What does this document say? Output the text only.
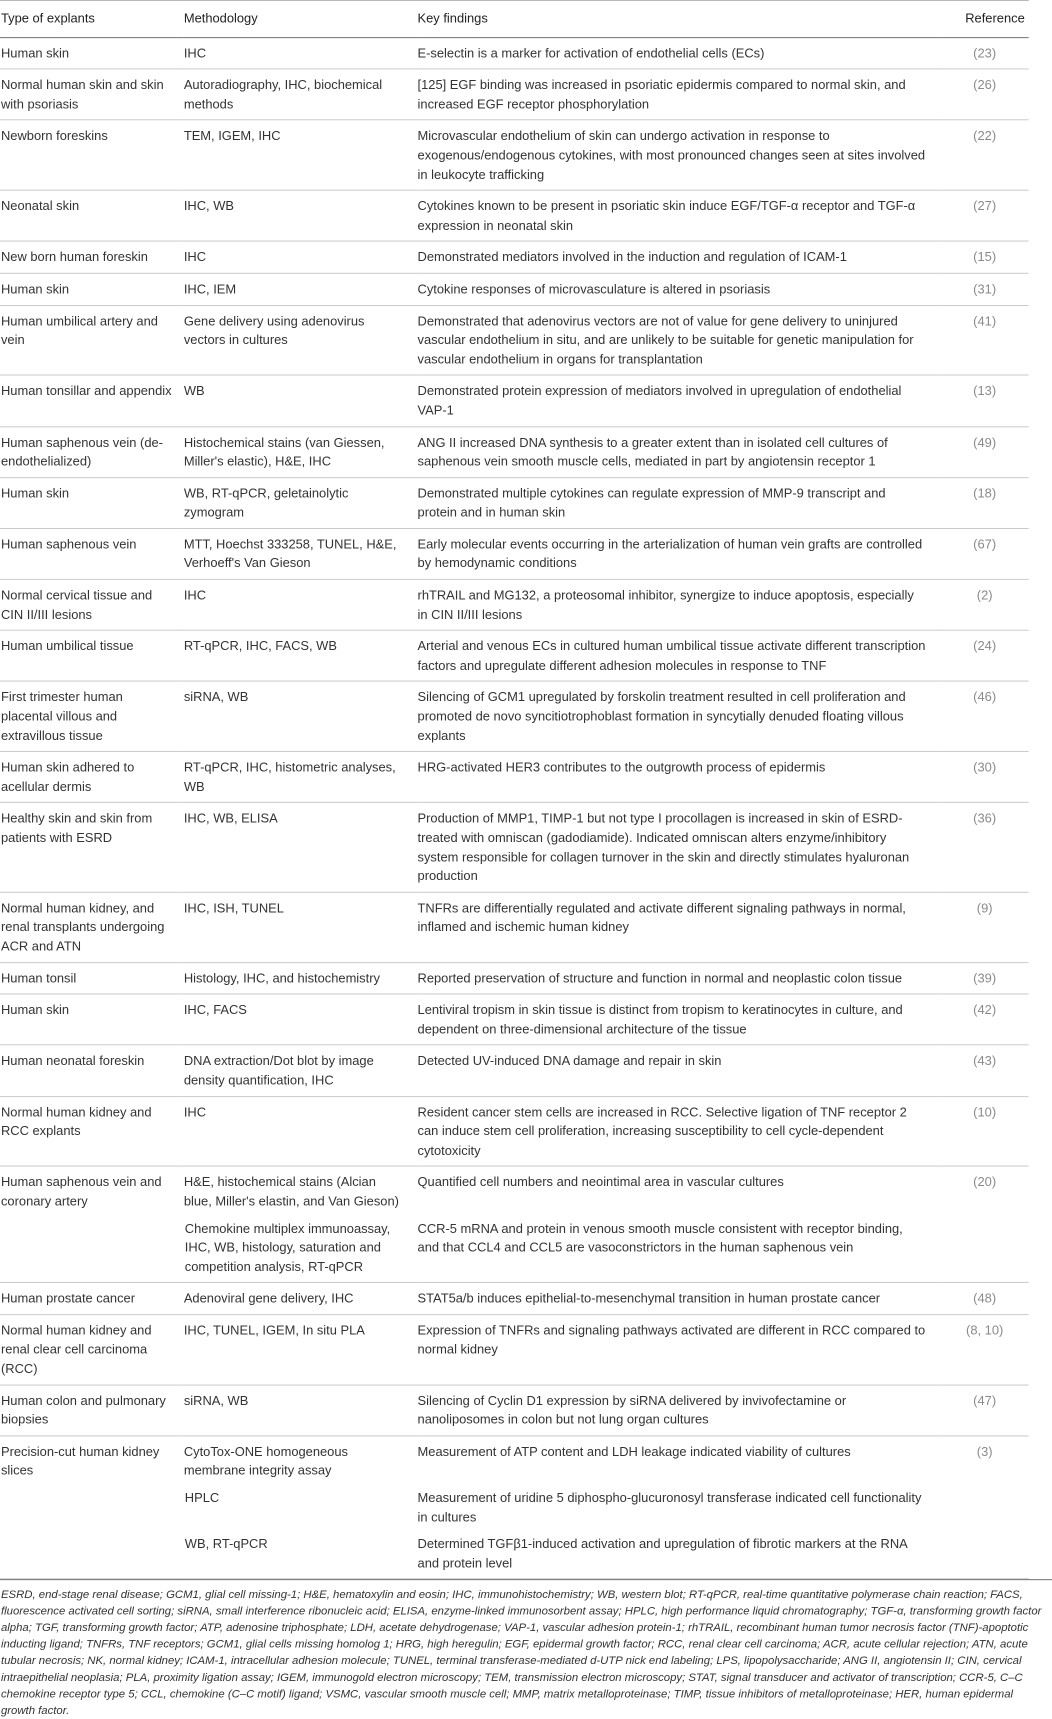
Type of explants	Methodology	Key findings	Reference
Human skin	IHC	E-selectin is a marker for activation of endothelial cells (ECs)	(23)
Normal human skin and skin with psoriasis	Autoradiography, IHC, biochemical methods	[125] EGF binding was increased in psoriatic epidermis compared to normal skin, and increased EGF receptor phosphorylation	(26)
Newborn foreskins	TEM, IGEM, IHC	Microvascular endothelium of skin can undergo activation in response to exogenous/endogenous cytokines, with most pronounced changes seen at sites involved in leukocyte trafficking	(22)
Neonatal skin	IHC, WB	Cytokines known to be present in psoriatic skin induce EGF/TGF-α receptor and TGF-α expression in neonatal skin	(27)
New born human foreskin	IHC	Demonstrated mediators involved in the induction and regulation of ICAM-1	(15)
Human skin	IHC, IEM	Cytokine responses of microvasculature is altered in psoriasis	(31)
Human umbilical artery and vein	Gene delivery using adenovirus vectors in cultures	Demonstrated that adenovirus vectors are not of value for gene delivery to uninjured vascular endothelium in situ, and are unlikely to be suitable for genetic manipulation for vascular endothelium in organs for transplantation	(41)
Human tonsillar and appendix	WB	Demonstrated protein expression of mediators involved in upregulation of endothelial VAP-1	(13)
Human saphenous vein (de-endothelialized)	Histochemical stains (van Giessen, Miller's elastic), H&E, IHC	ANG II increased DNA synthesis to a greater extent than in isolated cell cultures of saphenous vein smooth muscle cells, mediated in part by angiotensin receptor 1	(49)
Human skin	WB, RT-qPCR, geletainolytic zymogram	Demonstrated multiple cytokines can regulate expression of MMP-9 transcript and protein and in human skin	(18)
Human saphenous vein	MTT, Hoechst 333258, TUNEL, H&E, Verhoeff's Van Gieson	Early molecular events occurring in the arterialization of human vein grafts are controlled by hemodynamic conditions	(67)
Normal cervical tissue and CIN II/III lesions	IHC	rhTRAIL and MG132, a proteosomal inhibitor, synergize to induce apoptosis, especially in CIN II/III lesions	(2)
Human umbilical tissue	RT-qPCR, IHC, FACS, WB	Arterial and venous ECs in cultured human umbilical tissue activate different transcription factors and upregulate different adhesion molecules in response to TNF	(24)
First trimester human placental villous and extravillous tissue	siRNA, WB	Silencing of GCM1 upregulated by forskolin treatment resulted in cell proliferation and promoted de novo syncitiotrophoblast formation in syncytially denuded floating villous explants	(46)
Human skin adhered to acellular dermis	RT-qPCR, IHC, histometric analyses, WB	HRG-activated HER3 contributes to the outgrowth process of epidermis	(30)
Healthy skin and skin from patients with ESRD	IHC, WB, ELISA	Production of MMP1, TIMP-1 but not type I procollagen is increased in skin of ESRD-treated with omniscan (gadodiamide). Indicated omniscan alters enzyme/inhibitory system responsible for collagen turnover in the skin and directly stimulates hyaluronan production	(36)
Normal human kidney, and renal transplants undergoing ACR and ATN	IHC, ISH, TUNEL	TNFRs are differentially regulated and activate different signaling pathways in normal, inflamed and ischemic human kidney	(9)
Human tonsil	Histology, IHC, and histochemistry	Reported preservation of structure and function in normal and neoplastic colon tissue	(39)
Human skin	IHC, FACS	Lentiviral tropism in skin tissue is distinct from tropism to keratinocytes in culture, and dependent on three-dimensional architecture of the tissue	(42)
Human neonatal foreskin	DNA extraction/Dot blot by image density quantification, IHC	Detected UV-induced DNA damage and repair in skin	(43)
Normal human kidney and RCC explants	IHC	Resident cancer stem cells are increased in RCC. Selective ligation of TNF receptor 2 can induce stem cell proliferation, increasing susceptibility to cell cycle-dependent cytotoxicity	(10)
Human saphenous vein and coronary artery	H&E, histochemical stains (Alcian blue, Miller's elastin, and Van Gieson)	Quantified cell numbers and neointimal area in vascular cultures	(20)
	Chemokine multiplex immunoassay, IHC, WB, histology, saturation and competition analysis, RT-qPCR	CCR-5 mRNA and protein in venous smooth muscle consistent with receptor binding, and that CCL4 and CCL5 are vasoconstrictors in the human saphenous vein	
Human prostate cancer	Adenoviral gene delivery, IHC	STAT5a/b induces epithelial-to-mesenchymal transition in human prostate cancer	(48)
Normal human kidney and renal clear cell carcinoma (RCC)	IHC, TUNEL, IGEM, In situ PLA	Expression of TNFRs and signaling pathways activated are different in RCC compared to normal kidney	(8, 10)
Human colon and pulmonary biopsies	siRNA, WB	Silencing of Cyclin D1 expression by siRNA delivered by invivofectamine or nanoliposomes in colon but not lung organ cultures	(47)
Precision-cut human kidney slices	CytoTox-ONE homogeneous membrane integrity assay	Measurement of ATP content and LDH leakage indicated viability of cultures	(3)
	HPLC	Measurement of uridine 5 diphospho-glucuronosyl transferase indicated cell functionality in cultures	
	WB, RT-qPCR	Determined TGFβ1-induced activation and upregulation of fibrotic markers at the RNA and protein level	
ESRD, end-stage renal disease; GCM1, glial cell missing-1; H&E, hematoxylin and eosin; IHC, immunohistochemistry; WB, western blot; RT-qPCR, real-time quantitative polymerase chain reaction; FACS, fluorescence activated cell sorting; siRNA, small interference ribonucleic acid; ELISA, enzyme-linked immunosorbent assay; HPLC, high performance liquid chromatography; TGF-α, transforming growth factor alpha; TGF, transforming growth factor; ATP, adenosine triphosphate; LDH, acetate dehydrogenase; VAP-1, vascular adhesion protein-1; rhTRAIL, recombinant human tumor necrosis factor (TNF)-apoptotic inducting ligand; TNFRs, TNF receptors; GCM1, glial cells missing homolog 1; HRG, high heregulin; EGF, epidermal growth factor; RCC, renal clear cell carcinoma; ACR, acute cellular rejection; ATN, acute tubular necrosis; NK, normal kidney; ICAM-1, intracellular adhesion molecule; TUNEL, terminal transferase-mediated d-UTP nick end labeling; LPS, lipopolysaccharide; ANG II, angiotensin II; CIN, cervical intraepithelial neoplasia; PLA, proximity ligation assay; IGEM, immunogold electron microscopy; TEM, transmission electron microscopy; STAT, signal transducer and activator of transcription; CCR-5, C–C chemokine receptor type 5; CCL, chemokine (C–C motif) ligand; VSMC, vascular smooth muscle cell; MMP, matrix metalloproteinase; TIMP, tissue inhibitors of metalloproteinase; HER, human epidermal growth factor.
